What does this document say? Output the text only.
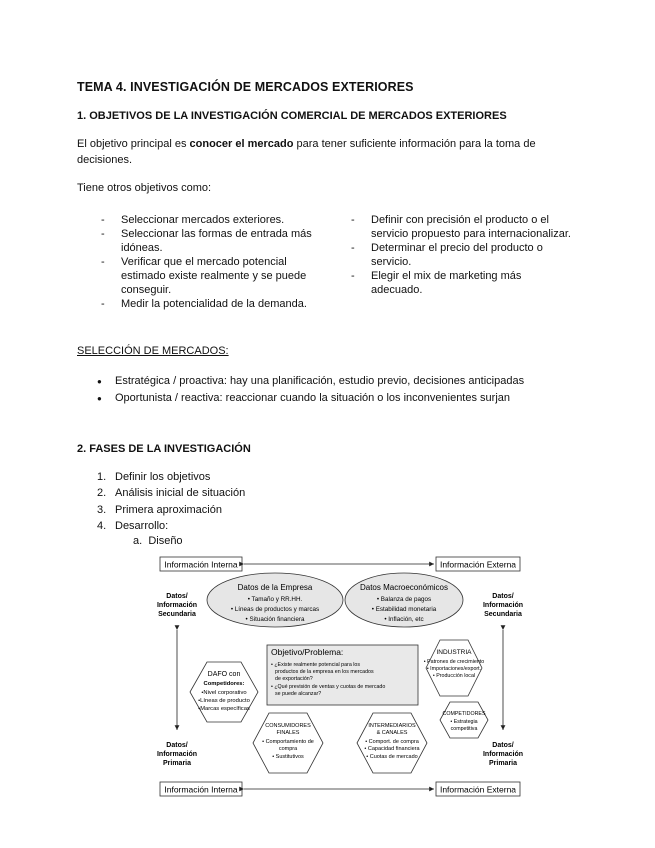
TEMA 4. INVESTIGACIÓN DE MERCADOS EXTERIORES
1. OBJETIVOS DE LA INVESTIGACIÓN COMERCIAL DE MERCADOS EXTERIORES
El objetivo principal es conocer el mercado para tener suficiente información para la toma de decisiones.
Tiene otros objetivos como:
- Seleccionar mercados exteriores.
- Seleccionar las formas de entrada más idóneas.
- Verificar que el mercado potencial estimado existe realmente y se puede conseguir.
- Medir la potencialidad de la demanda.
- Definir con precisión el producto o el servicio propuesto para internacionalizar.
- Determinar el precio del producto o servicio.
- Elegir el mix de marketing más adecuado.
SELECCIÓN DE MERCADOS:
● Estratégica / proactiva: hay una planificación, estudio previo, decisiones anticipadas
● Oportunista / reactiva: reaccionar cuando la situación o los inconvenientes surjan
2. FASES DE LA INVESTIGACIÓN
1. Definir los objetivos
2. Análisis inicial de situación
3. Primera aproximación
4. Desarrollo:
a. Diseño
Información Interna	Información Externa
Información Interna	Información Externa
Datos/
Información
Secundaria
Datos/
Información
Secundaria
Datos/
Información
Primaria
Datos/
Información
Primaria
Datos de la Empresa
• Tamaño y RR.HH.
• Líneas de productos y marcas
• Situación financiera
Datos Macroeconómicos
• Balanza de pagos
• Estabilidad monetaria
• Inflación, etc
Objetivo/Problema:
• ¿Existe realmente potencial para los
productos de la empresa en los mercados
de exportación?
• ¿Qué previsión de ventas y cuotas de mercado
se puede alcanzar?
DAFO con
Competidores:
•Nivel corporativo
•Líneas de producto
•Marcas específicas
INDUSTRIA
• Patrones de crecimiento
• Importaciones/export.
• Producción local
COMPETIDORES
• Estrategia
competitiva
CONSUMIDORES
FINALES
• Comportamiento de
compra
• Sustitutivos
INTERMEDIARIOS
& CANALES
• Comport. de compra
• Capacidad financiera
• Cuotas de mercado
